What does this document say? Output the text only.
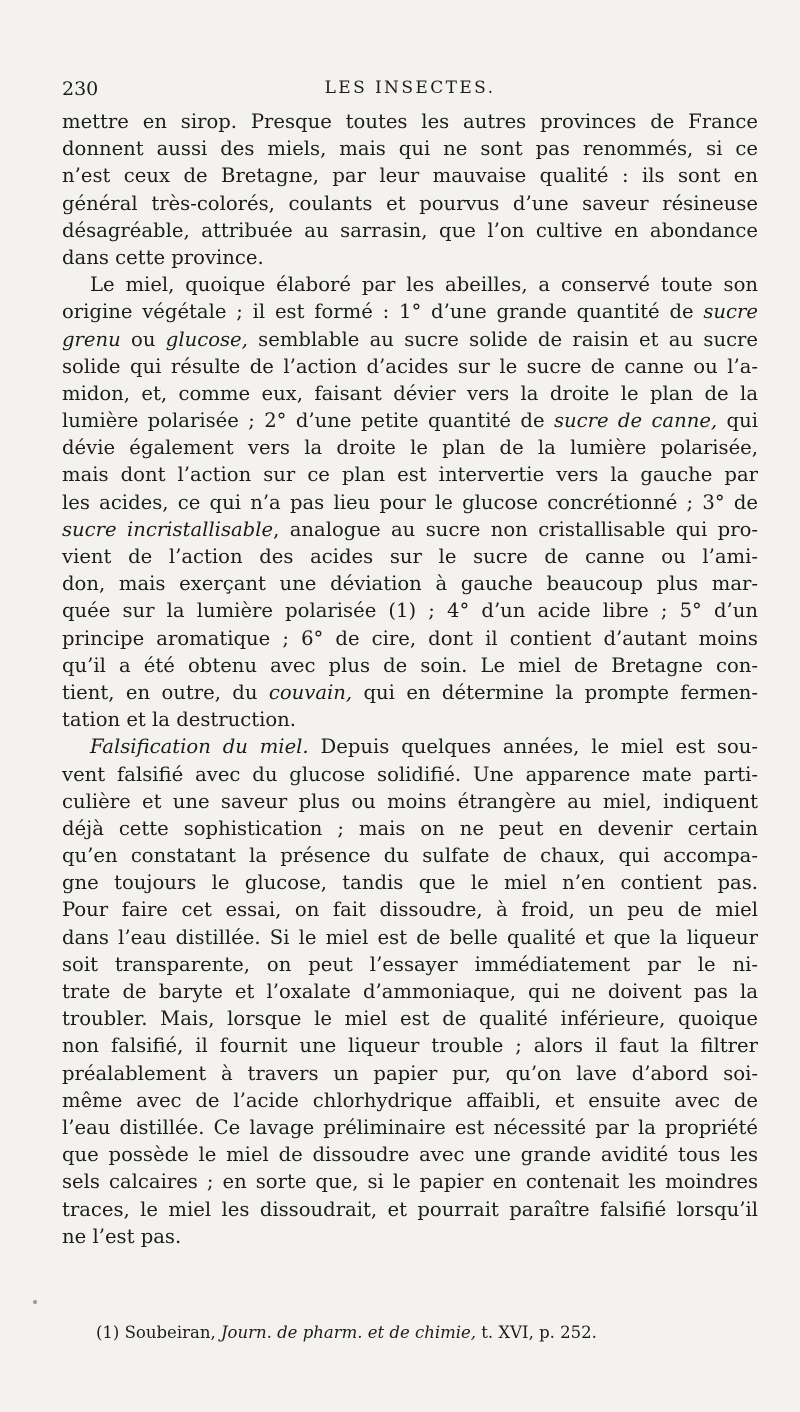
230	LES INSECTES.
mettre en sirop. Presque toutes les autres provinces de France
donnent aussi des miels, mais qui ne sont pas renommés, si ce
n’est ceux de Bretagne, par leur mauvaise qualité : ils sont en
général très-colorés, coulants et pourvus d’une saveur résineuse
désagréable, attribuée au sarrasin, que l’on cultive en abondance
dans cette province.
Le miel, quoique élaboré par les abeilles, a conservé toute son
origine végétale ; il est formé : 1° d’une grande quantité de sucre
grenu ou glucose, semblable au sucre solide de raisin et au sucre
solide qui résulte de l’action d’acides sur le sucre de canne ou l’a-
midon, et, comme eux, faisant dévier vers la droite le plan de la
lumière polarisée ; 2° d’une petite quantité de sucre de canne, qui
dévie également vers la droite le plan de la lumière polarisée,
mais dont l’action sur ce plan est intervertie vers la gauche par
les acides, ce qui n’a pas lieu pour le glucose concrétionné ; 3° de
sucre incristallisable, analogue au sucre non cristallisable qui pro-
vient de l’action des acides sur le sucre de canne ou l’ami-
don, mais exerçant une déviation à gauche beaucoup plus mar-
quée sur la lumière polarisée (1) ; 4° d’un acide libre ; 5° d’un
principe aromatique ; 6° de cire, dont il contient d’autant moins
qu’il a été obtenu avec plus de soin. Le miel de Bretagne con-
tient, en outre, du couvain, qui en détermine la prompte fermen-
tation et la destruction.
Falsification du miel. Depuis quelques années, le miel est sou-
vent falsifié avec du glucose solidifié. Une apparence mate parti-
culière et une saveur plus ou moins étrangère au miel, indiquent
déjà cette sophistication ; mais on ne peut en devenir certain
qu’en constatant la présence du sulfate de chaux, qui accompa-
gne toujours le glucose, tandis que le miel n’en contient pas.
Pour faire cet essai, on fait dissoudre, à froid, un peu de miel
dans l’eau distillée. Si le miel est de belle qualité et que la liqueur
soit transparente, on peut l’essayer immédiatement par le ni-
trate de baryte et l’oxalate d’ammoniaque, qui ne doivent pas la
troubler. Mais, lorsque le miel est de qualité inférieure, quoique
non falsifié, il fournit une liqueur trouble ; alors il faut la filtrer
préalablement à travers un papier pur, qu’on lave d’abord soi-
même avec de l’acide chlorhydrique affaibli, et ensuite avec de
l’eau distillée. Ce lavage préliminaire est nécessité par la propriété
que possède le miel de dissoudre avec une grande avidité tous les
sels calcaires ; en sorte que, si le papier en contenait les moindres
traces, le miel les dissoudrait, et pourrait paraître falsifié lorsqu’il
ne l’est pas.
(1) Soubeiran, Journ. de pharm. et de chimie, t. XVI, p. 252.
